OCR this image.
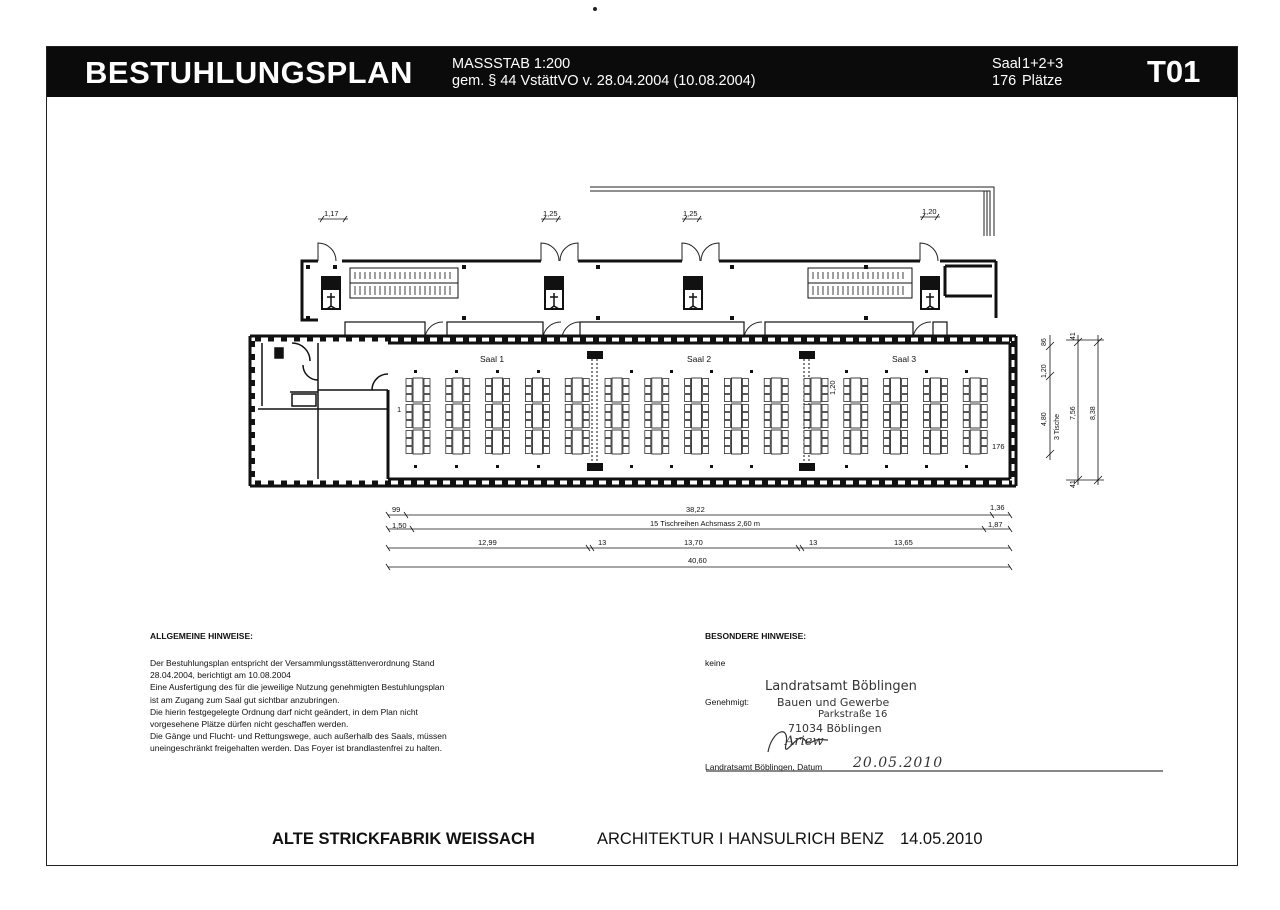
BESTUHLUNGSPLAN	MASSSTAB 1:200
gem. § 44 VstättVO v. 28.04.2004 (10.08.2004)
Saal1+2+3
176 Plätze	T01
Saal 1	Saal 2	Saal 3
1
176
1,20
1,17	1,25	1,25	1,20
86
1,20
4,80 3 Tische
7,56 8,38
41
41
99	38,22	1,36
1,50	15 Tischreihen Achsmass 2,60 m	1,87
12,99	13	13,70	13	13,65
40,60
ALLGEMEINE HINWEISE:
Der Bestuhlungsplan entspricht der Versammlungsstättenverordnung Stand
28.04.2004, berichtigt am 10.08.2004
Eine Ausfertigung des für die jeweilige Nutzung genehmigten Bestuhlungsplan
ist am Zugang zum Saal gut sichtbar anzubringen.
Die hierin festgegelegte Ordnung darf nicht geändert, in dem Plan nicht
vorgesehene Plätze dürfen nicht geschaffen werden.
Die Gänge und Flucht- und Rettungswege, auch außerhalb des Saals, müssen
uneingeschränkt freigehalten werden. Das Foyer ist brandlastenfrei zu halten.
BESONDERE HINWEISE:
keine
Genehmigt:
Landratsamt Böblingen
Bauen und Gewerbe
Parkstraße 16
71034 Böblingen
Ariew
Landratsamt Böblingen, Datum 20.05.2010
ALTE STRICKFABRIK WEISSACH	ARCHITEKTUR I HANSULRICH BENZ 14.05.2010
